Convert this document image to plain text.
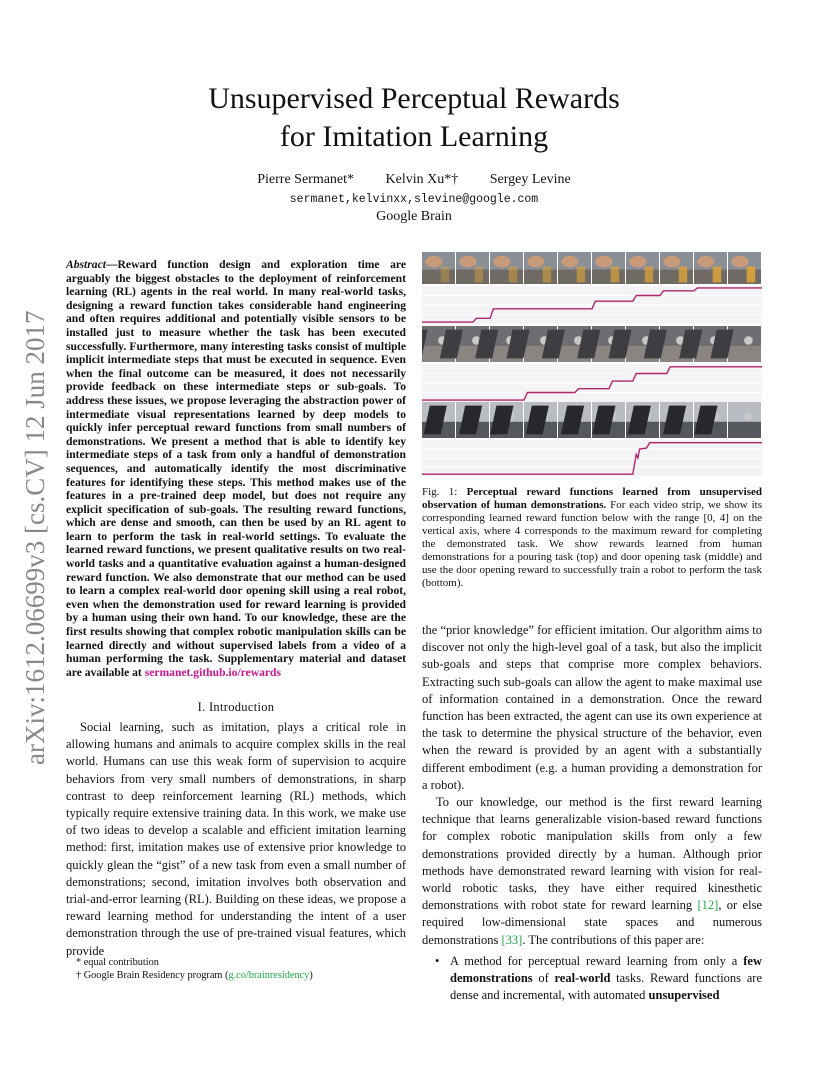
Unsupervised Perceptual Rewards
for Imitation Learning
Pierre Sermanet* Kelvin Xu*† Sergey Levine
sermanet,kelvinxx,slevine@google.com
Google Brain
arXiv:1612.06699v3 [cs.CV] 12 Jun 2017
Abstract—Reward function design and exploration time are arguably the biggest obstacles to the deployment of reinforcement learning (RL) agents in the real world. In many real-world tasks, designing a reward function takes considerable hand engineering and often requires additional and potentially visible sensors to be installed just to measure whether the task has been executed successfully. Furthermore, many interesting tasks consist of multiple implicit intermediate steps that must be executed in sequence. Even when the final outcome can be measured, it does not necessarily provide feedback on these intermediate steps or sub-goals. To address these issues, we propose leveraging the abstraction power of intermediate visual representations learned by deep models to quickly infer perceptual reward functions from small numbers of demonstrations. We present a method that is able to identify key intermediate steps of a task from only a handful of demonstration sequences, and automatically identify the most discriminative features for identifying these steps. This method makes use of the features in a pre-trained deep model, but does not require any explicit specification of sub-goals. The resulting reward functions, which are dense and smooth, can then be used by an RL agent to learn to perform the task in real-world settings. To evaluate the learned reward functions, we present qualitative results on two real-world tasks and a quantitative evaluation against a human-designed reward function. We also demonstrate that our method can be used to learn a complex real-world door opening skill using a real robot, even when the demonstration used for reward learning is provided by a human using their own hand. To our knowledge, these are the first results showing that complex robotic manipulation skills can be learned directly and without supervised labels from a video of a human performing the task. Supplementary material and dataset are available at sermanet.github.io/rewards
I. Introduction

Social learning, such as imitation, plays a critical role in allowing humans and animals to acquire complex skills in the real world. Humans can use this weak form of supervision to acquire behaviors from very small numbers of demonstrations, in sharp contrast to deep reinforcement learning (RL) methods, which typically require extensive training data. In this work, we make use of two ideas to develop a scalable and efficient imitation learning method: first, imitation makes use of extensive prior knowledge to quickly glean the “gist” of a new task from even a small number of demonstrations; second, imitation involves both observation and trial-and-error learning (RL). Building on these ideas, we propose a reward learning method for understanding the intent of a user demonstration through the use of pre-trained visual features, which provide

* equal contribution
† Google Brain Residency program (g.co/brainresidency)
Fig. 1: Perceptual reward functions learned from unsupervised observation of human demonstrations. For each video strip, we show its corresponding learned reward function below with the range [0, 4] on the vertical axis, where 4 corresponds to the maximum reward for completing the demonstrated task. We show rewards learned from human demonstrations for a pouring task (top) and door opening task (middle) and use the door opening reward to successfully train a robot to perform the task (bottom).

the “prior knowledge” for efficient imitation. Our algorithm aims to discover not only the high-level goal of a task, but also the implicit sub-goals and steps that comprise more complex behaviors. Extracting such sub-goals can allow the agent to make maximal use of information contained in a demonstration. Once the reward function has been extracted, the agent can use its own experience at the task to determine the physical structure of the behavior, even when the reward is provided by an agent with a substantially different embodiment (e.g. a human providing a demonstration for a robot).

To our knowledge, our method is the first reward learning technique that learns generalizable vision-based reward functions for complex robotic manipulation skills from only a few demonstrations provided directly by a human. Although prior methods have demonstrated reward learning with vision for real-world robotic tasks, they have either required kinesthetic demonstrations with robot state for reward learning [12], or else required low-dimensional state spaces and numerous demonstrations [33]. The contributions of this paper are:

• A method for perceptual reward learning from only a few demonstrations of real-world tasks. Reward functions are dense and incremental, with automated unsupervised
